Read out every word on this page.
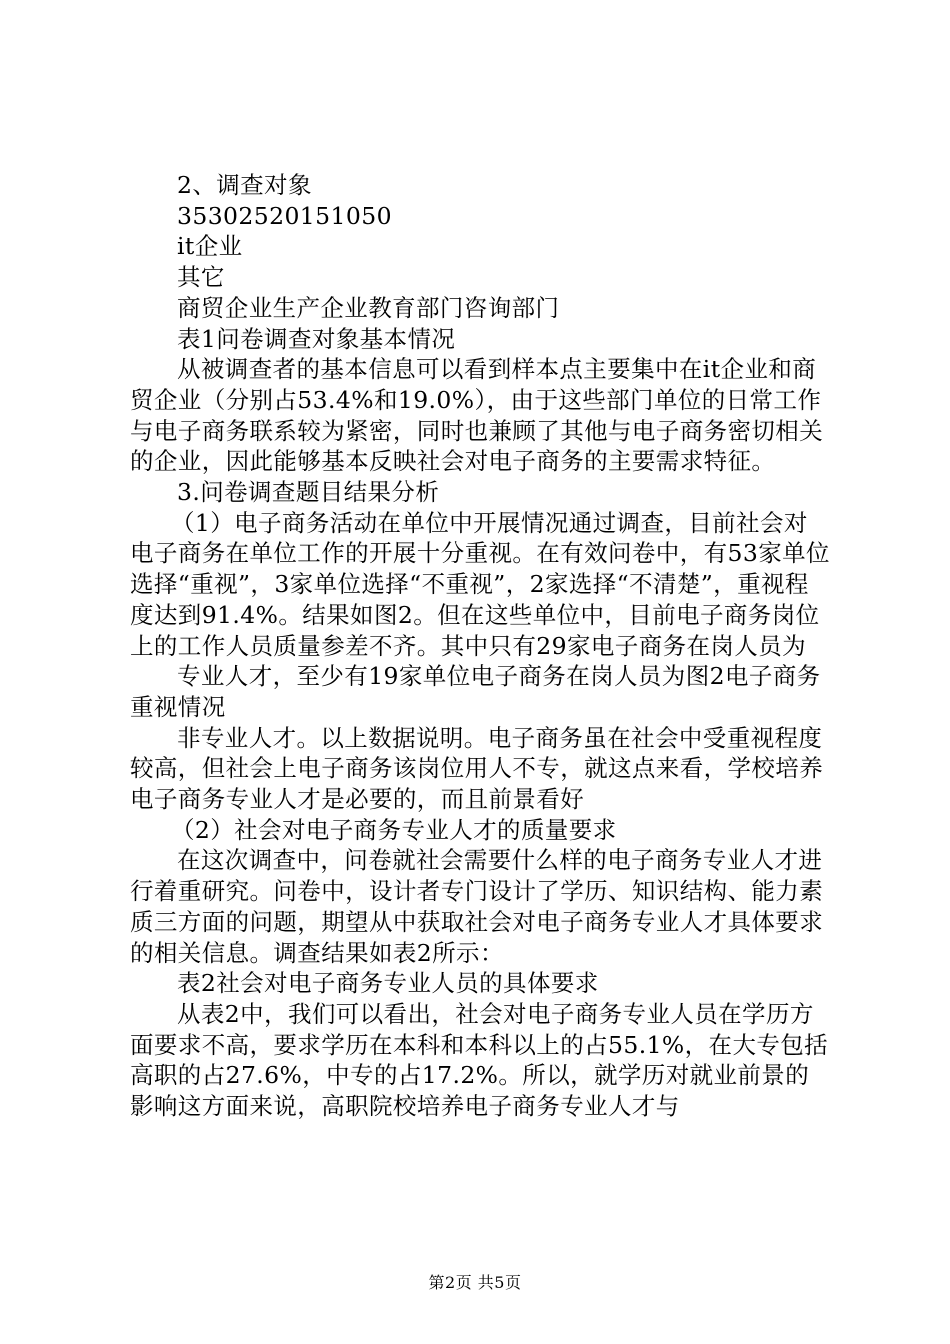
2、调查对象

35302520151050

it企业

其它

商贸企业生产企业教育部门咨询部门

表1问卷调查对象基本情况

从被调查者的基本信息可以看到样本点主要集中在it企业和商贸企业（分别占53.4%和19.0%），由于这些部门单位的日常工作与电子商务联系较为紧密，同时也兼顾了其他与电子商务密切相关的企业，因此能够基本反映社会对电子商务的主要需求特征。

3.问卷调查题目结果分析

（1）电子商务活动在单位中开展情况通过调查，目前社会对电子商务在单位工作的开展十分重视。在有效问卷中，有53家单位选择“重视”，3家单位选择“不重视”，2家选择“不清楚”，重视程度达到91.4%。结果如图2。但在这些单位中，目前电子商务岗位上的工作人员质量参差不齐。其中只有29家电子商务在岗人员为

专业人才，至少有19家单位电子商务在岗人员为图2电子商务重视情况

非专业人才。以上数据说明。电子商务虽在社会中受重视程度较高，但社会上电子商务该岗位用人不专，就这点来看，学校培养电子商务专业人才是必要的，而且前景看好

（2）社会对电子商务专业人才的质量要求

在这次调查中，问卷就社会需要什么样的电子商务专业人才进行着重研究。问卷中，设计者专门设计了学历、知识结构、能力素质三方面的问题，期望从中获取社会对电子商务专业人才具体要求的相关信息。调查结果如表2所示：

表2社会对电子商务专业人员的具体要求

从表2中，我们可以看出，社会对电子商务专业人员在学历方面要求不高，要求学历在本科和本科以上的占55.1%，在大专包括高职的占27.6%，中专的占17.2%。所以，就学历对就业前景的影响这方面来说，高职院校培养电子商务专业人才与

第2页 共5页
